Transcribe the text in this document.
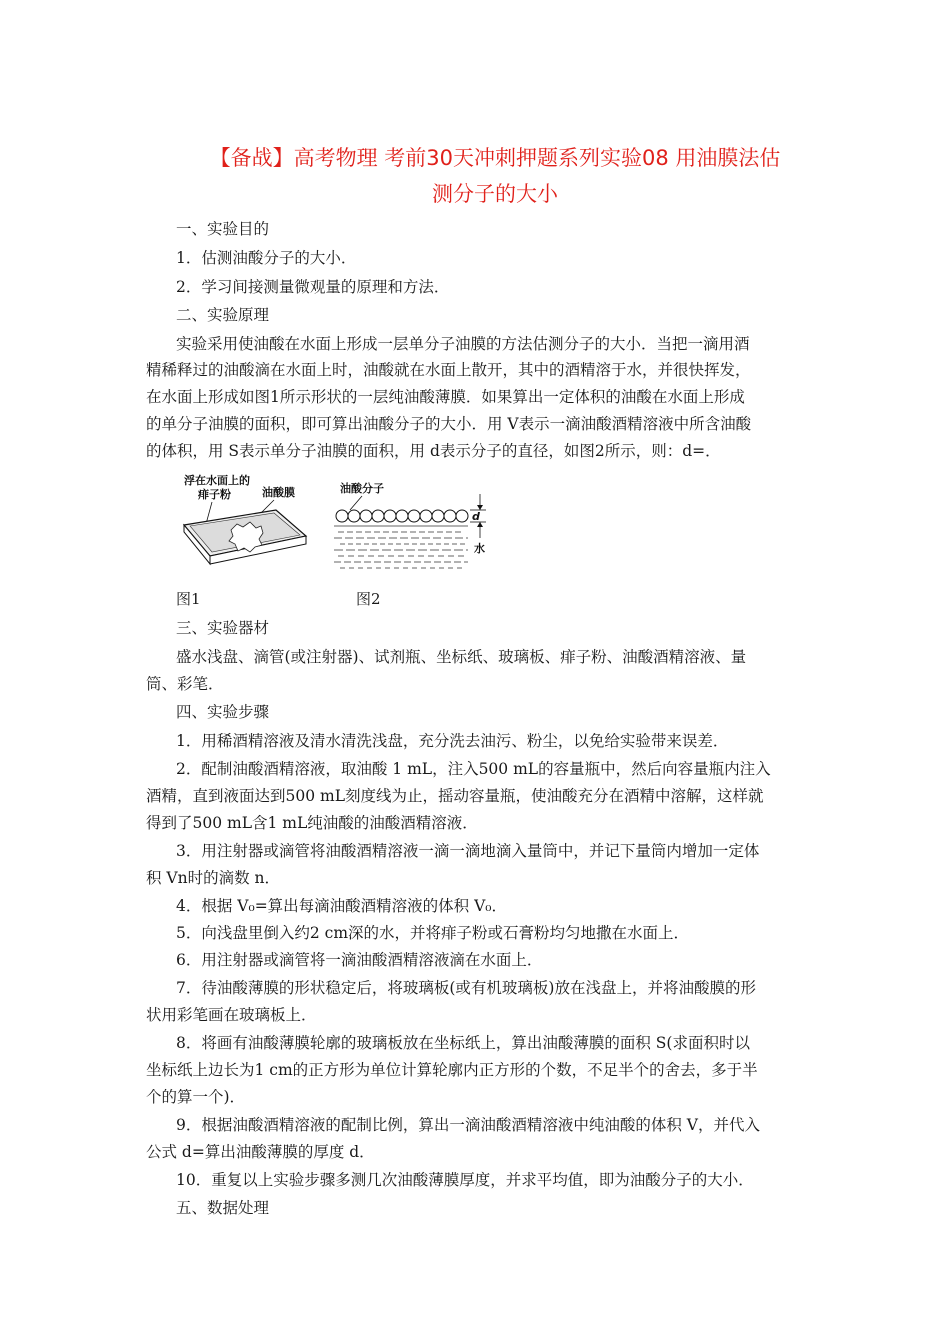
【备战】高考物理 考前30天冲刺押题系列实验08 用油膜法估
测分子的大小
一、实验目的
1．估测油酸分子的大小．
2．学习间接测量微观量的原理和方法．
二、实验原理
实验采用使油酸在水面上形成一层单分子油膜的方法估测分子的大小．当把一滴用酒
精稀释过的油酸滴在水面上时，油酸就在水面上散开，其中的酒精溶于水，并很快挥发，
在水面上形成如图1所示形状的一层纯油酸薄膜．如果算出一定体积的油酸在水面上形成
的单分子油膜的面积，即可算出油酸分子的大小．用 V表示一滴油酸酒精溶液中所含油酸
的体积，用 S表示单分子油膜的面积，用 d表示分子的直径，如图2所示，则：d=．
浮在水面上的
痱子粉	油酸膜	油酸分子
d
水
图1	图2
三、实验器材
盛水浅盘、滴管(或注射器)、试剂瓶、坐标纸、玻璃板、痱子粉、油酸酒精溶液、量
筒、彩笔．
四、实验步骤
1．用稀酒精溶液及清水清洗浅盘，充分洗去油污、粉尘，以免给实验带来误差．
2．配制油酸酒精溶液，取油酸 1 mL，注入500 mL的容量瓶中，然后向容量瓶内注入
酒精，直到液面达到500 mL刻度线为止，摇动容量瓶，使油酸充分在酒精中溶解，这样就
得到了500 mL含1 mL纯油酸的油酸酒精溶液．
3．用注射器或滴管将油酸酒精溶液一滴一滴地滴入量筒中，并记下量筒内增加一定体
积 Vn时的滴数 n．
4．根据 V₀=算出每滴油酸酒精溶液的体积 V₀．
5．向浅盘里倒入约2 cm深的水，并将痱子粉或石膏粉均匀地撒在水面上．
6．用注射器或滴管将一滴油酸酒精溶液滴在水面上．
7．待油酸薄膜的形状稳定后，将玻璃板(或有机玻璃板)放在浅盘上，并将油酸膜的形
状用彩笔画在玻璃板上．
8．将画有油酸薄膜轮廓的玻璃板放在坐标纸上，算出油酸薄膜的面积 S(求面积时以
坐标纸上边长为1 cm的正方形为单位计算轮廓内正方形的个数，不足半个的舍去，多于半
个的算一个)．
9．根据油酸酒精溶液的配制比例，算出一滴油酸酒精溶液中纯油酸的体积 V，并代入
公式 d=算出油酸薄膜的厚度 d．
10．重复以上实验步骤多测几次油酸薄膜厚度，并求平均值，即为油酸分子的大小．
五、数据处理
